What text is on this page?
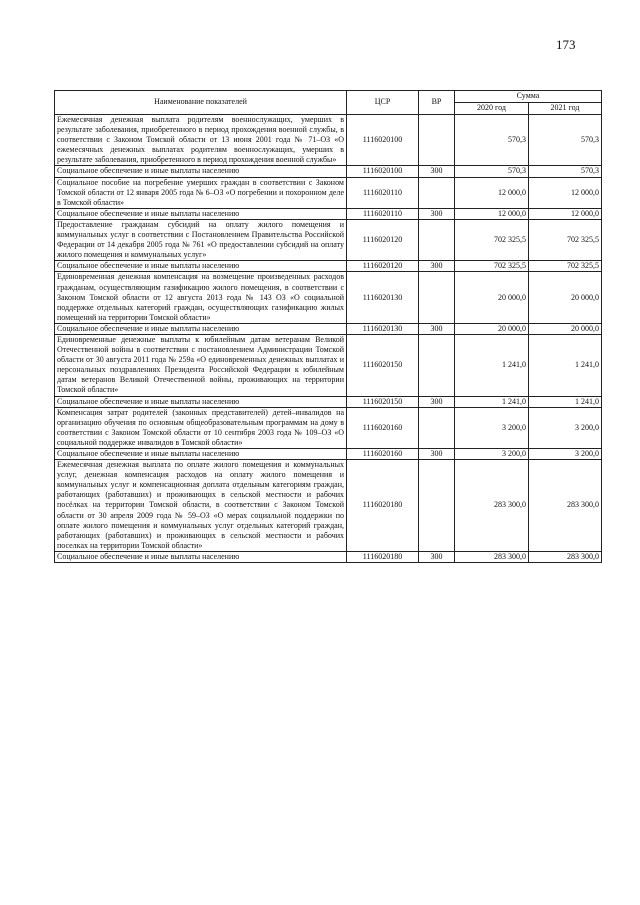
173
Наименование показателей	ЦСР	ВР	Сумма	
			2020 год	2021 год
Ежемесячная денежная выплата родителям военнослужащих, умерших в результате заболевания, приобретенного в период прохождения военной службы, в соответствии с Законом Томской области от 13 июня 2001 года № 71–ОЗ «О ежемесячных денежных выплатах родителям военнослужащих, умерших в результате заболевания, приобретенного в период прохождения военной службы»	1116020100		570,3	570,3
Социальное обеспечение и иные выплаты населению	1116020100	300	570,3	570,3
Социальное пособие на погребение умерших граждан в соответствии с Законом Томской области от 12 января 2005 года № 6–ОЗ «О погребении и похоронном деле в Томской области»	1116020110		12 000,0	12 000,0
Социальное обеспечение и иные выплаты населению	1116020110	300	12 000,0	12 000,0
Предоставление гражданам субсидий на оплату жилого помещения и коммунальных услуг в соответствии с Постановлением Правительства Российской Федерации от 14 декабря 2005 года № 761 «О предоставлении субсидий на оплату жилого помещения и коммунальных услуг»	1116020120		702 325,5	702 325,5
Социальное обеспечение и иные выплаты населению	1116020120	300	702 325,5	702 325,5
Единовременная денежная компенсация на возмещение произведенных расходов гражданам, осуществляющим газификацию жилого помещения, в соответствии с Законом Томской области от 12 августа 2013 года № 143 ОЗ «О социальной поддержке отдельных категорий граждан, осуществляющих газификацию жилых помещений на территории Томской области»	1116020130		20 000,0	20 000,0
Социальное обеспечение и иные выплаты населению	1116020130	300	20 000,0	20 000,0
Единовременные денежные выплаты к юбилейным датам ветеранам Великой Отечественной войны в соответствии с постановлением Администрации Томской области от 30 августа 2011 года № 259а «О единовременных денежных выплатах и персональных поздравлениях Президента Российской Федерации к юбилейным датам ветеранов Великой Отечественной войны, проживающих на территории Томской области»	1116020150		1 241,0	1 241,0
Социальное обеспечение и иные выплаты населению	1116020150	300	1 241,0	1 241,0
Компенсация затрат родителей (законных представителей) детей–инвалидов на организацию обучения по основным общеобразовательным программам на дому в соответствии с Законом Томской области от 10 сентября 2003 года № 109–ОЗ «О социальной поддержке инвалидов в Томской области»	1116020160		3 200,0	3 200,0
Социальное обеспечение и иные выплаты населению	1116020160	300	3 200,0	3 200,0
Ежемесячная денежная выплата по оплате жилого помещения и коммунальных услуг, денежная компенсация расходов на оплату жилого помещения и коммунальных услуг и компенсационная доплата отдельным категориям граждан, работающих (работавших) и проживающих в сельской местности и рабочих посёлках на территории Томской области, в соответствии с Законом Томской области от 30 апреля 2009 года № 59–ОЗ «О мерах социальной поддержки по оплате жилого помещения и коммунальных услуг отдельных категорий граждан, работающих (работавших) и проживающих в сельской местности и рабочих поселках на территории Томской области»	1116020180		283 300,0	283 300,0
Социальное обеспечение и иные выплаты населению	1116020180	300	283 300,0	283 300,0
